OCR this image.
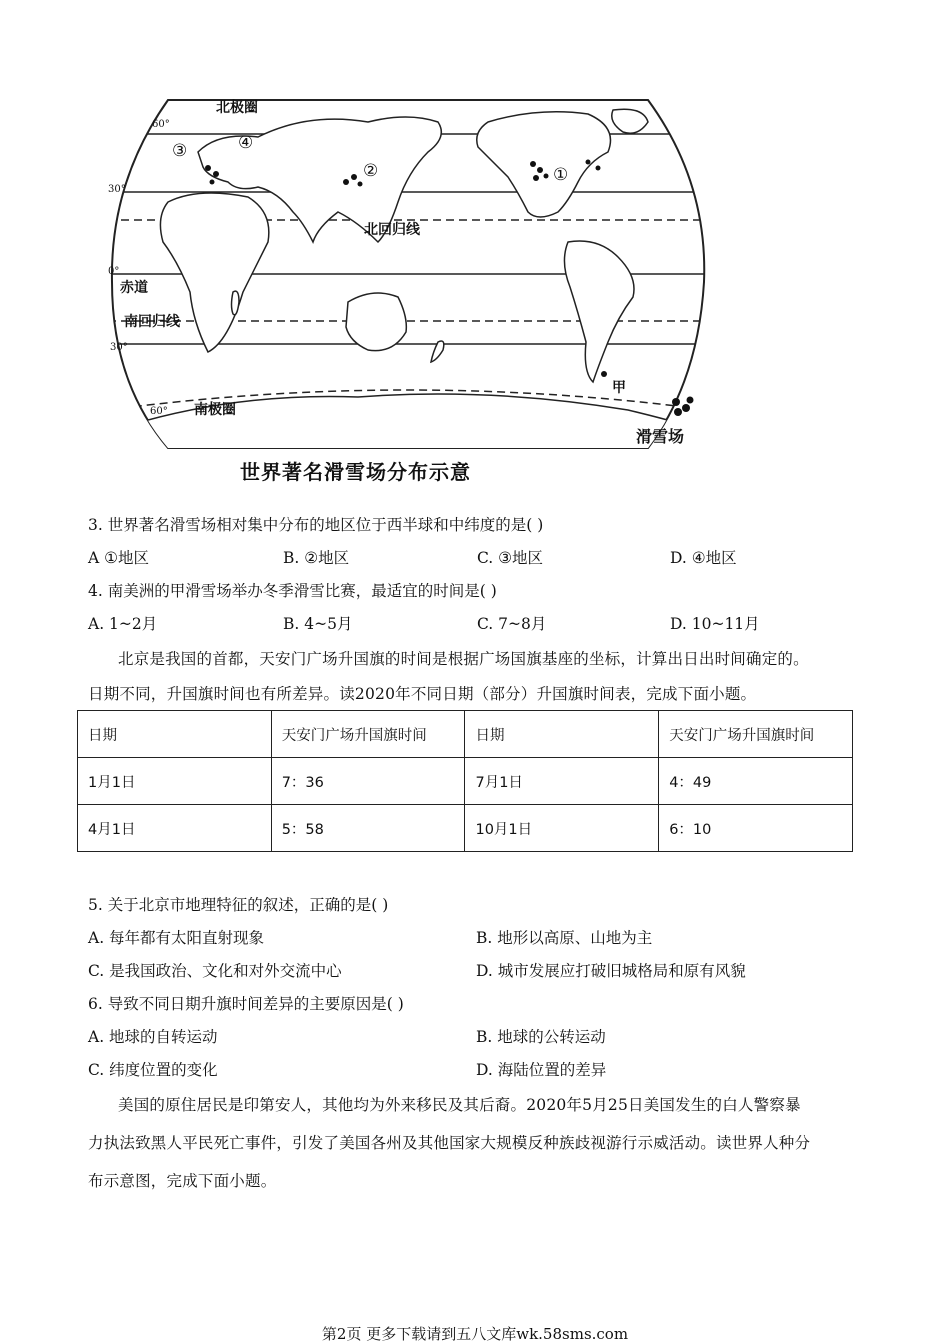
60°
30°
0°
30°
60°
北极圈
北回归线
赤道
南回归线
南极圈
①
②
③	④
甲
滑雪场
世界著名滑雪场分布示意
3. 世界著名滑雪场相对集中分布的地区位于西半球和中纬度的是( )
A ①地区	B. ②地区	C. ③地区	D. ④地区
4. 南美洲的甲滑雪场举办冬季滑雪比赛，最适宜的时间是( )
A. 1~2月	B. 4~5月	C. 7~8月	D. 10~11月
北京是我国的首都，天安门广场升国旗的时间是根据广场国旗基座的坐标，计算出日出时间确定的。
日期不同，升国旗时间也有所差异。读2020年不同日期（部分）升国旗时间表，完成下面小题。
日期	天安门广场升国旗时间	日期	天安门广场升国旗时间
1月1日	7：36	7月1日	4：49
4月1日	5：58	10月1日	6：10
5. 关于北京市地理特征的叙述，正确的是( )
A. 每年都有太阳直射现象	B. 地形以高原、山地为主
C. 是我国政治、文化和对外交流中心	D. 城市发展应打破旧城格局和原有风貌
6. 导致不同日期升旗时间差异的主要原因是( )
A. 地球的自转运动	B. 地球的公转运动
C. 纬度位置的变化	D. 海陆位置的差异
美国的原住居民是印第安人，其他均为外来移民及其后裔。2020年5月25日美国发生的白人警察暴
力执法致黑人平民死亡事件，引发了美国各州及其他国家大规模反种族歧视游行示威活动。读世界人种分
布示意图，完成下面小题。
第2页 更多下载请到五八文库wk.58sms.com
